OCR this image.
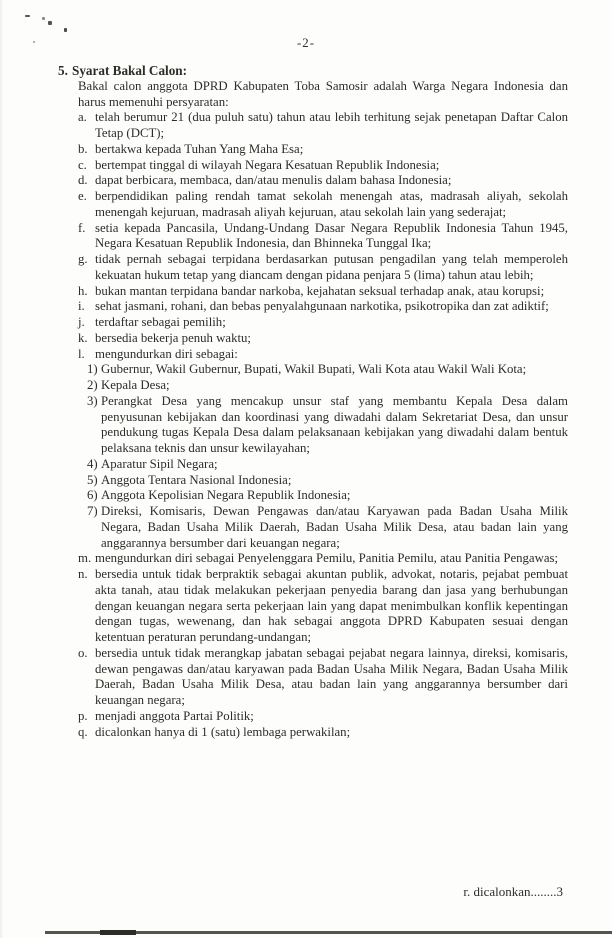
-2-
5. Syarat Bakal Calon:
Bakal calon anggota DPRD Kabupaten Toba Samosir adalah Warga Negara Indonesia dan harus memenuhi persyaratan:
a. telah berumur 21 (dua puluh satu) tahun atau lebih terhitung sejak penetapan Daftar Calon Tetap (DCT);
b. bertakwa kepada Tuhan Yang Maha Esa;
c. bertempat tinggal di wilayah Negara Kesatuan Republik Indonesia;
d. dapat berbicara, membaca, dan/atau menulis dalam bahasa Indonesia;
e. berpendidikan paling rendah tamat sekolah menengah atas, madrasah aliyah, sekolah menengah kejuruan, madrasah aliyah kejuruan, atau sekolah lain yang sederajat;
f. setia kepada Pancasila, Undang-Undang Dasar Negara Republik Indonesia Tahun 1945, Negara Kesatuan Republik Indonesia, dan Bhinneka Tunggal Ika;
g. tidak pernah sebagai terpidana berdasarkan putusan pengadilan yang telah memperoleh kekuatan hukum tetap yang diancam dengan pidana penjara 5 (lima) tahun atau lebih;
h. bukan mantan terpidana bandar narkoba, kejahatan seksual terhadap anak, atau korupsi;
i. sehat jasmani, rohani, dan bebas penyalahgunaan narkotika, psikotropika dan zat adiktif;
j. terdaftar sebagai pemilih;
k. bersedia bekerja penuh waktu;
l. mengundurkan diri sebagai:
1) Gubernur, Wakil Gubernur, Bupati, Wakil Bupati, Wali Kota atau Wakil Wali Kota;
2) Kepala Desa;
3) Perangkat Desa yang mencakup unsur staf yang membantu Kepala Desa dalam penyusunan kebijakan dan koordinasi yang diwadahi dalam Sekretariat Desa, dan unsur pendukung tugas Kepala Desa dalam pelaksanaan kebijakan yang diwadahi dalam bentuk pelaksana teknis dan unsur kewilayahan;
4) Aparatur Sipil Negara;
5) Anggota Tentara Nasional Indonesia;
6) Anggota Kepolisian Negara Republik Indonesia;
7) Direksi, Komisaris, Dewan Pengawas dan/atau Karyawan pada Badan Usaha Milik Negara, Badan Usaha Milik Daerah, Badan Usaha Milik Desa, atau badan lain yang anggarannya bersumber dari keuangan negara;
m. mengundurkan diri sebagai Penyelenggara Pemilu, Panitia Pemilu, atau Panitia Pengawas;
n. bersedia untuk tidak berpraktik sebagai akuntan publik, advokat, notaris, pejabat pembuat akta tanah, atau tidak melakukan pekerjaan penyedia barang dan jasa yang berhubungan dengan keuangan negara serta pekerjaan lain yang dapat menimbulkan konflik kepentingan dengan tugas, wewenang, dan hak sebagai anggota DPRD Kabupaten sesuai dengan ketentuan peraturan perundang-undangan;
o. bersedia untuk tidak merangkap jabatan sebagai pejabat negara lainnya, direksi, komisaris, dewan pengawas dan/atau karyawan pada Badan Usaha Milik Negara, Badan Usaha Milik Daerah, Badan Usaha Milik Desa, atau badan lain yang anggarannya bersumber dari keuangan negara;
p. menjadi anggota Partai Politik;
q. dicalonkan hanya di 1 (satu) lembaga perwakilan;
r. dicalonkan........3
